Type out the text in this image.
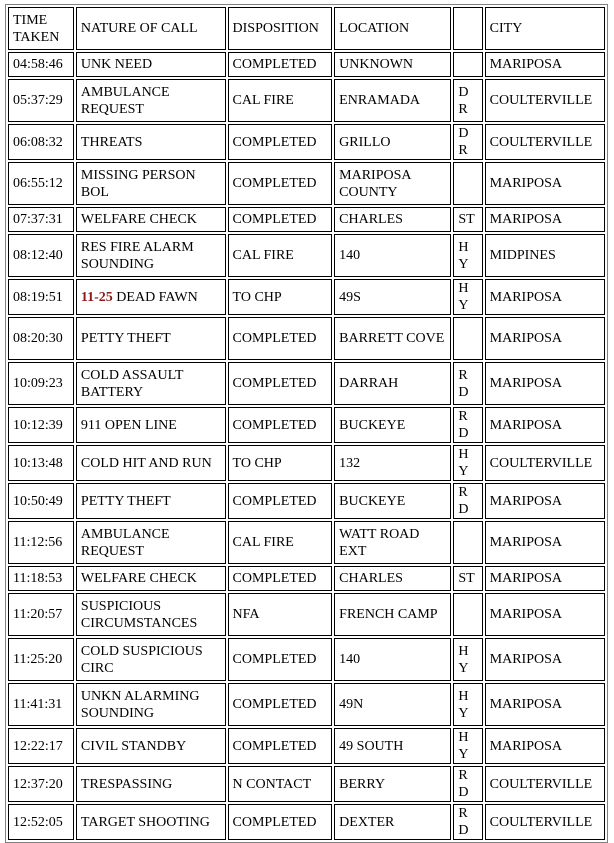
TIME TAKEN	NATURE OF CALL	DISPOSITION	LOCATION		CITY
04:58:46	UNK NEED	COMPLETED	UNKNOWN		MARIPOSA
05:37:29	AMBULANCE REQUEST	CAL FIRE	ENRAMADA	DR	COULTERVILLE
06:08:32	THREATS	COMPLETED	GRILLO	DR	COULTERVILLE
06:55:12	MISSING PERSON BOL	COMPLETED	MARIPOSA COUNTY		MARIPOSA
07:37:31	WELFARE CHECK	COMPLETED	CHARLES	ST	MARIPOSA
08:12:40	RES FIRE ALARM SOUNDING	CAL FIRE	140	HY	MIDPINES
08:19:51	11-25 DEAD FAWN	TO CHP	49S	HY	MARIPOSA
08:20:30	PETTY THEFT	COMPLETED	BARRETT COVE		MARIPOSA
10:09:23	COLD ASSAULT BATTERY	COMPLETED	DARRAH	RD	MARIPOSA
10:12:39	911 OPEN LINE	COMPLETED	BUCKEYE	RD	MARIPOSA
10:13:48	COLD HIT AND RUN	TO CHP	132	HY	COULTERVILLE
10:50:49	PETTY THEFT	COMPLETED	BUCKEYE	RD	MARIPOSA
11:12:56	AMBULANCE REQUEST	CAL FIRE	WATT ROAD EXT		MARIPOSA
11:18:53	WELFARE CHECK	COMPLETED	CHARLES	ST	MARIPOSA
11:20:57	SUSPICIOUS CIRCUMSTANCES	NFA	FRENCH CAMP		MARIPOSA
11:25:20	COLD SUSPICIOUS CIRC	COMPLETED	140	HY	MARIPOSA
11:41:31	UNKN ALARMING SOUNDING	COMPLETED	49N	HY	MARIPOSA
12:22:17	CIVIL STANDBY	COMPLETED	49 SOUTH	HY	MARIPOSA
12:37:20	TRESPASSING	N CONTACT	BERRY	RD	COULTERVILLE
12:52:05	TARGET SHOOTING	COMPLETED	DEXTER	RD	COULTERVILLE
